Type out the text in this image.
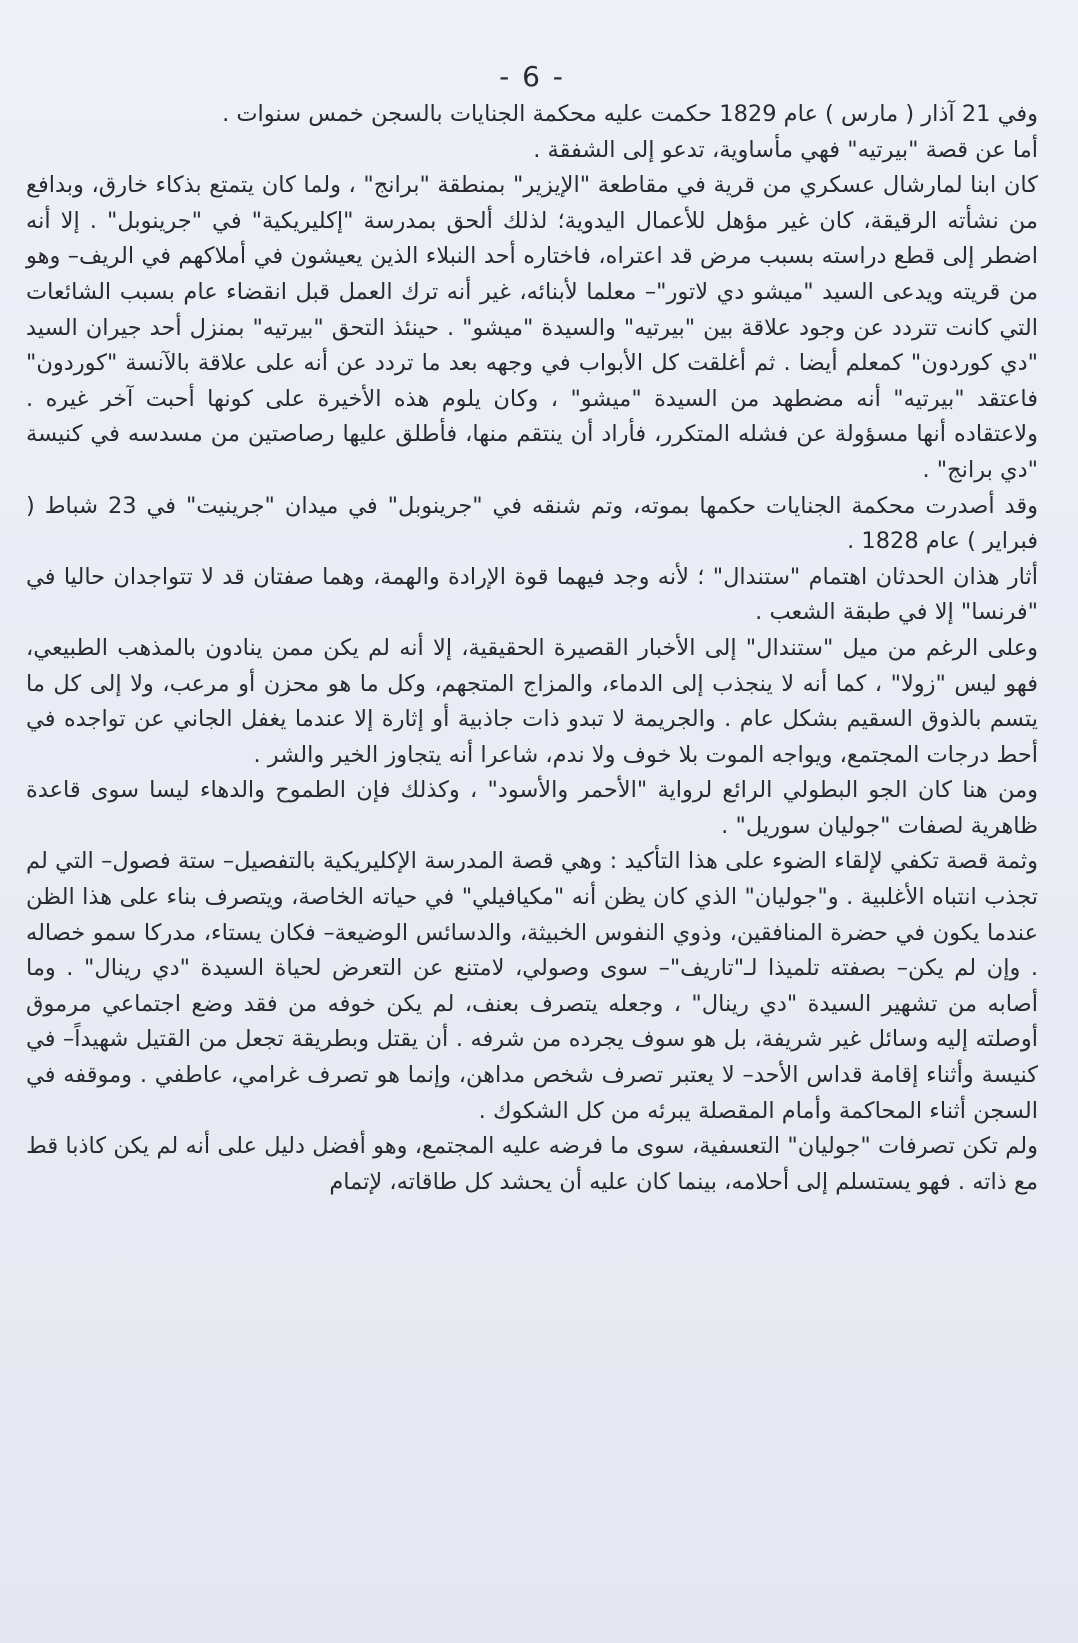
- 6 -

وفي 21 آذار ( مارس ) عام 1829 حكمت عليه محكمة الجنايات بالسجن خمس سنوات .

أما عن قصة "بيرتيه" فهي مأساوية، تدعو إلى الشفقة .

كان ابنا لمارشال عسكري من قرية في مقاطعة "الإيزير" بمنطقة "برانج" ، ولما كان يتمتع بذكاء خارق، وبدافع من نشأته الرقيقة، كان غير مؤهل للأعمال اليدوية؛ لذلك ألحق بمدرسة "إكليريكية" في "جرينوبل" . إلا أنه اضطر إلى قطع دراسته بسبب مرض قد اعتراه، فاختاره أحد النبلاء الذين يعيشون في أملاكهم في الريف– وهو من قريته ويدعى السيد "ميشو دي لاتور"– معلما لأبنائه، غير أنه ترك العمل قبل انقضاء عام بسبب الشائعات التي كانت تتردد عن وجود علاقة بين "بيرتيه" والسيدة "ميشو" . حينئذ التحق "بيرتيه" بمنزل أحد جيران السيد "دي كوردون" كمعلم أيضا . ثم أغلقت كل الأبواب في وجهه بعد ما تردد عن أنه على علاقة بالآنسة "كوردون" فاعتقد "بيرتيه" أنه مضطهد من السيدة "ميشو" ، وكان يلوم هذه الأخيرة على كونها أحبت آخر غيره . ولاعتقاده أنها مسؤولة عن فشله المتكرر، فأراد أن ينتقم منها، فأطلق عليها رصاصتين من مسدسه في كنيسة "دي برانج" .

وقد أصدرت محكمة الجنايات حكمها بموته، وتم شنقه في "جرينوبل" في ميدان "جرينيت" في 23 شباط ( فبراير ) عام 1828 .

أثار هذان الحدثان اهتمام "ستندال" ؛ لأنه وجد فيهما قوة الإرادة والهمة، وهما صفتان قد لا تتواجدان حاليا في "فرنسا" إلا في طبقة الشعب .

وعلى الرغم من ميل "ستندال" إلى الأخبار القصيرة الحقيقية، إلا أنه لم يكن ممن ينادون بالمذهب الطبيعي، فهو ليس "زولا" ، كما أنه لا ينجذب إلى الدماء، والمزاج المتجهم، وكل ما هو محزن أو مرعب، ولا إلى كل ما يتسم بالذوق السقيم بشكل عام . والجريمة لا تبدو ذات جاذبية أو إثارة إلا عندما يغفل الجاني عن تواجده في أحط درجات المجتمع، ويواجه الموت بلا خوف ولا ندم، شاعرا أنه يتجاوز الخير والشر .

ومن هنا كان الجو البطولي الرائع لرواية "الأحمر والأسود" ، وكذلك فإن الطموح والدهاء ليسا سوى قاعدة ظاهرية لصفات "جوليان سوريل" .

وثمة قصة تكفي لإلقاء الضوء على هذا التأكيد : وهي قصة المدرسة الإكليريكية بالتفصيل– ستة فصول– التي لم تجذب انتباه الأغلبية . و"جوليان" الذي كان يظن أنه "مكيافيلي" في حياته الخاصة، ويتصرف بناء على هذا الظن عندما يكون في حضرة المنافقين، وذوي النفوس الخبيثة، والدسائس الوضيعة– فكان يستاء، مدركا سمو خصاله . وإن لم يكن– بصفته تلميذا لـ"تاريف"– سوى وصولي، لامتنع عن التعرض لحياة السيدة "دي رينال" . وما أصابه من تشهير السيدة "دي رينال" ، وجعله يتصرف بعنف، لم يكن خوفه من فقد وضع اجتماعي مرموق أوصلته إليه وسائل غير شريفة، بل هو سوف يجرده من شرفه . أن يقتل وبطريقة تجعل من القتيل شهيداً– في كنيسة وأثناء إقامة قداس الأحد– لا يعتبر تصرف شخص مداهن، وإنما هو تصرف غرامي، عاطفي . وموقفه في السجن أثناء المحاكمة وأمام المقصلة يبرئه من كل الشكوك .

ولم تكن تصرفات "جوليان" التعسفية، سوى ما فرضه عليه المجتمع، وهو أفضل دليل على أنه لم يكن كاذبا قط مع ذاته . فهو يستسلم إلى أحلامه، بينما كان عليه أن يحشد كل طاقاته، لإتمام
